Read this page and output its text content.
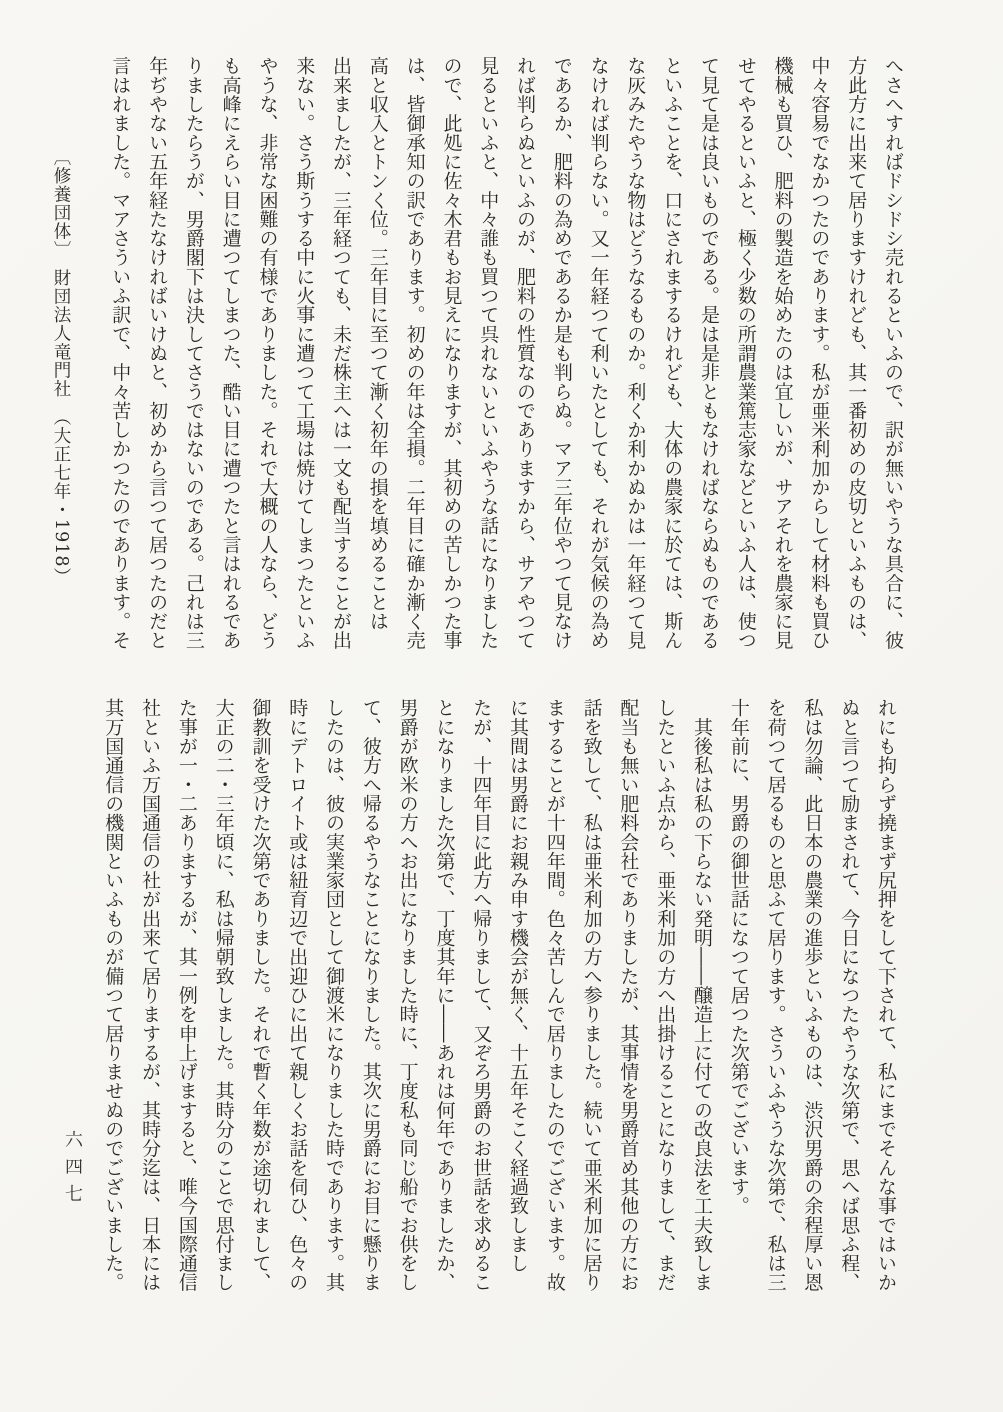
へさへすればドシドシ売れるといふので、訳が無いやうな具合に、彼
方此方に出来て居りますけれども、其一番初めの皮切といふものは、
中々容易でなかつたのであります。私が亜米利加からして材料も買ひ
機械も買ひ、肥料の製造を始めたのは宜しいが、サアそれを農家に見
せてやるといふと、極く少数の所謂農業篤志家などといふ人は、使つ
て見て是は良いものである。是は是非ともなければならぬものである
といふことを、口にされまするけれども、大体の農家に於ては、斯ん
な灰みたやうな物はどうなるものか。利くか利かぬかは一年経つて見
なければ判らない。又一年経つて利いたとしても、それが気候の為め
であるか、肥料の為めであるか是も判らぬ。マア三年位やつて見なけ
れば判らぬといふのが、肥料の性質なのでありますから、サアやつて
見るといふと、中々誰も買つて呉れないといふやうな話になりました
ので、此処に佐々木君もお見えになりますが、其初めの苦しかつた事
は、皆御承知の訳であります。初めの年は全損。二年目に確か漸く売
高と収入とトンく位。三年目に至つて漸く初年の損を填めることは
出来ましたが、三年経つても、未だ株主へは一文も配当することが出
来ない。さう斯うする中に火事に遭つて工場は焼けてしまつたといふ
やうな、非常な困難の有様でありました。それで大概の人なら、どう
も高峰にえらい目に遭つてしまつた、酷い目に遭つたと言はれるであ
りましたらうが、男爵閣下は決してさうではないのである。己れは三
年ぢやない五年経たなければいけぬと、初めから言つて居つたのだと
言はれました。マアさういふ訳で、中々苦しかつたのであります。そ
〔修養団体〕　財団法人竜門社　（大正七年・1918）
れにも拘らず撓まず尻押をして下されて、私にまでそんな事ではいか
ぬと言つて励まされて、今日になつたやうな次第で、思へば思ふ程、
私は勿論、此日本の農業の進歩といふものは、渋沢男爵の余程厚い恩
を荷つて居るものと思ふて居ります。さういふやうな次第で、私は三
十年前に、男爵の御世話になつて居つた次第でございます。
　其後私は私の下らない発明――醸造上に付ての改良法を工夫致しま
したといふ点から、亜米利加の方へ出掛けることになりまして、まだ
配当も無い肥料会社でありましたが、其事情を男爵首め其他の方にお
話を致して、私は亜米利加の方へ参りました。続いて亜米利加に居り
ますることが十四年間。色々苦しんで居りましたのでございます。故
に其間は男爵にお親み申す機会が無く、十五年そこく経過致しまし
たが、十四年目に此方へ帰りまして、又ぞろ男爵のお世話を求めるこ
とになりました次第で、丁度其年に――あれは何年でありましたか、
男爵が欧米の方へお出になりました時に、丁度私も同じ船でお供をし
て、彼方へ帰るやうなことになりました。其次に男爵にお目に懸りま
したのは、彼の実業家団として御渡米になりました時であります。其
時にデトロイト或は紐育辺で出迎ひに出て親しくお話を伺ひ、色々の
御教訓を受けた次第でありました。それで暫く年数が途切れまして、
大正の二・三年頃に、私は帰朝致しました。其時分のことで思付まし
た事が一・二ありまするが、其一例を申上げますると、唯今国際通信
社といふ万国通信の社が出来て居りまするが、其時分迄は、日本には
其万国通信の機関といふものが備つて居りませぬのでございました。
六四七
